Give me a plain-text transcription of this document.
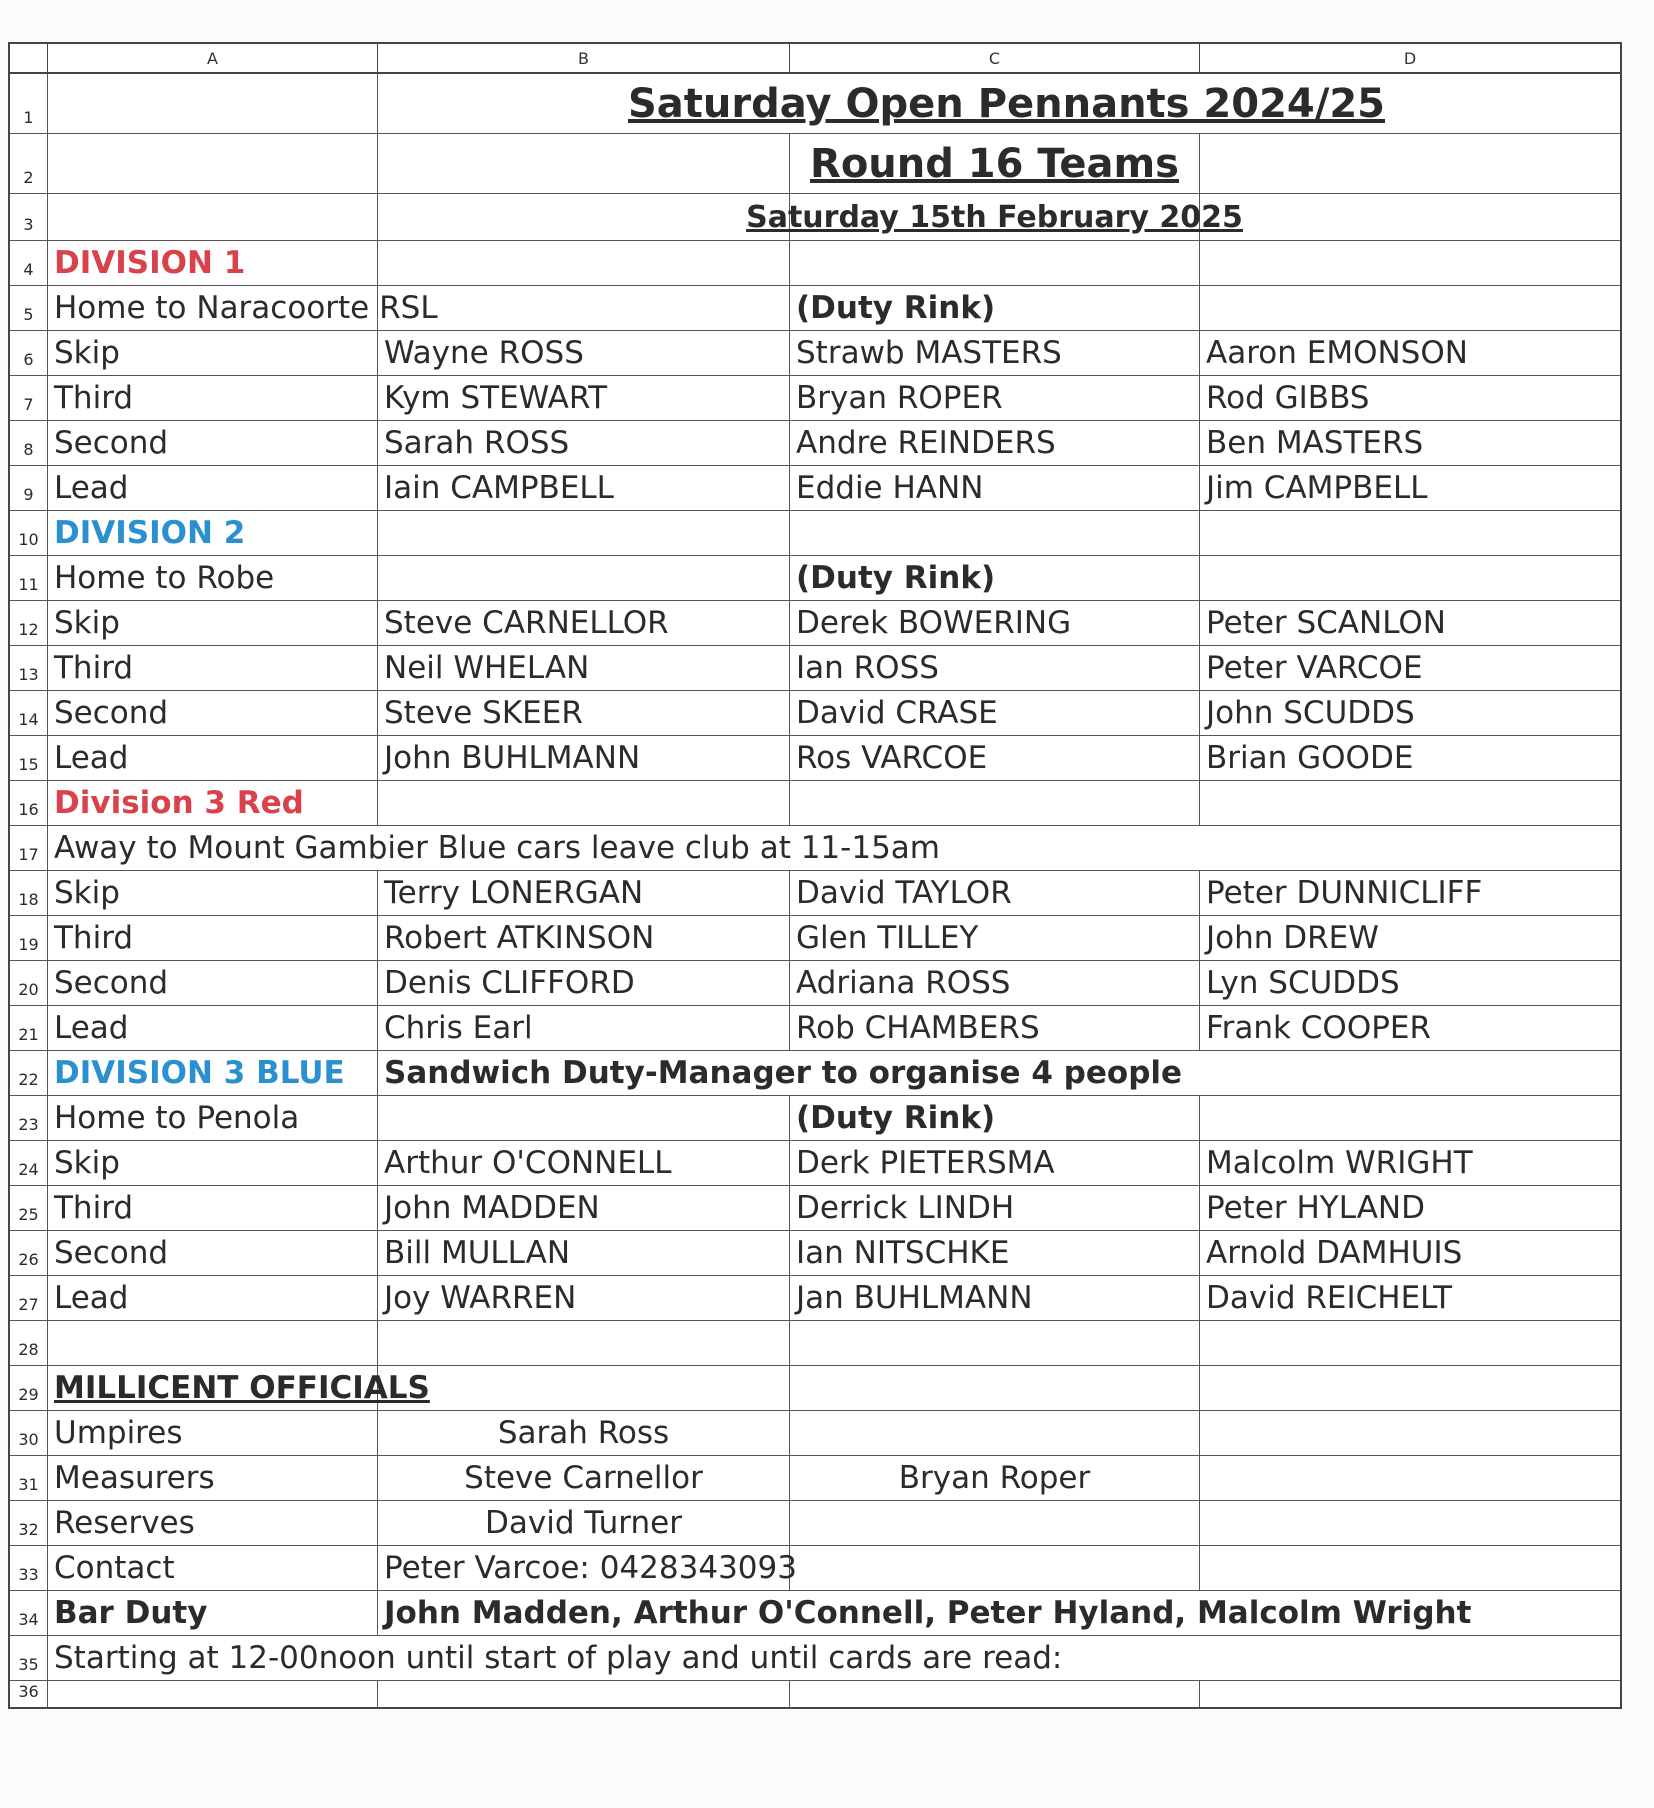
A	B	C	D
1	Saturday Open Pennants 2024/25
2	Round 16 Teams
3	Saturday 15th February 2025
4 DIVISION 1
5 Home to Naracoorte RSL	(Duty Rink)
6 Skip	Wayne ROSS	Strawb MASTERS	Aaron EMONSON
7 Third	Kym STEWART	Bryan ROPER	Rod GIBBS
8 Second	Sarah ROSS	Andre REINDERS	Ben MASTERS
9 Lead	Iain CAMPBELL	Eddie HANN	Jim CAMPBELL
10 DIVISION 2
11 Home to Robe	(Duty Rink)
12 Skip	Steve CARNELLOR	Derek BOWERING	Peter SCANLON
13 Third	Neil WHELAN	Ian ROSS	Peter VARCOE
14 Second	Steve SKEER	David CRASE	John SCUDDS
15 Lead	John BUHLMANN	Ros VARCOE	Brian GOODE
16 Division 3 Red
17 Away to Mount Gambier Blue cars leave club at 11-15am
18 Skip	Terry LONERGAN	David TAYLOR	Peter DUNNICLIFF
19 Third	Robert ATKINSON	Glen TILLEY	John DREW
20 Second	Denis CLIFFORD	Adriana ROSS	Lyn SCUDDS
21 Lead	Chris Earl	Rob CHAMBERS	Frank COOPER
22 DIVISION 3 BLUE	Sandwich Duty-Manager to organise 4 people
23 Home to Penola	(Duty Rink)
24 Skip	Arthur O'CONNELL	Derk PIETERSMA	Malcolm WRIGHT
25 Third	John MADDEN	Derrick LINDH	Peter HYLAND
26 Second	Bill MULLAN	Ian NITSCHKE	Arnold DAMHUIS
27 Lead	Joy WARREN	Jan BUHLMANN	David REICHELT
28
29 MILLICENT OFFICIALS
30 Umpires	Sarah Ross
31 Measurers	Steve Carnellor	Bryan Roper
32 Reserves	David Turner
33 Contact	Peter Varcoe: 0428343093
34 Bar Duty	John Madden, Arthur O'Connell, Peter Hyland, Malcolm Wright
35 Starting at 12-00noon until start of play and until cards are read:
36
